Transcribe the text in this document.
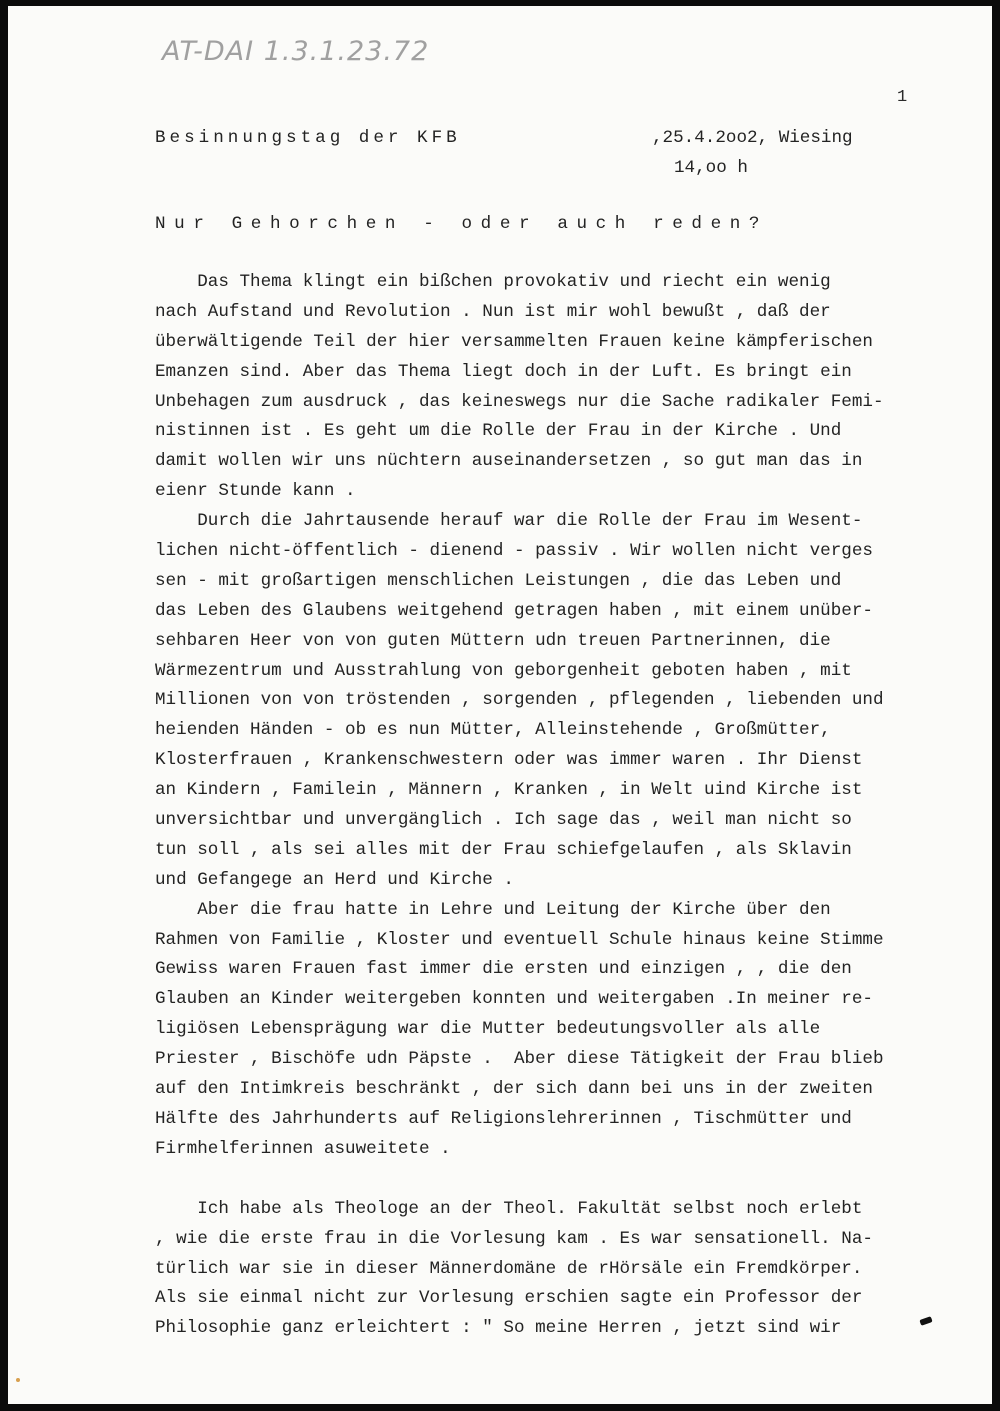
AT-DAI 1.3.1.23.72
1
Besinnungstag der KFB	,25.4.2oo2, Wiesing
14,oo h
Nur Gehorchen - oder auch reden?
Das Thema klingt ein bißchen provokativ und riecht ein wenig
nach Aufstand und Revolution . Nun ist mir wohl bewußt , daß der
überwältigende Teil der hier versammelten Frauen keine kämpferischen
Emanzen sind. Aber das Thema liegt doch in der Luft. Es bringt ein
Unbehagen zum ausdruck , das keineswegs nur die Sache radikaler Femi-
nistinnen ist . Es geht um die Rolle der Frau in der Kirche . Und
damit wollen wir uns nüchtern auseinandersetzen , so gut man das in
eienr Stunde kann .
Durch die Jahrtausende herauf war die Rolle der Frau im Wesent-
lichen nicht-öffentlich - dienend - passiv . Wir wollen nicht verges
sen - mit großartigen menschlichen Leistungen , die das Leben und
das Leben des Glaubens weitgehend getragen haben , mit einem unüber-
sehbaren Heer von von guten Müttern udn treuen Partnerinnen, die
Wärmezentrum und Ausstrahlung von geborgenheit geboten haben , mit
Millionen von von tröstenden , sorgenden , pflegenden , liebenden und
heienden Händen - ob es nun Mütter, Alleinstehende , Großmütter,
Klosterfrauen , Krankenschwestern oder was immer waren . Ihr Dienst
an Kindern , Familein , Männern , Kranken , in Welt uind Kirche ist
unversichtbar und unvergänglich . Ich sage das , weil man nicht so
tun soll , als sei alles mit der Frau schiefgelaufen , als Sklavin
und Gefangege an Herd und Kirche .
Aber die frau hatte in Lehre und Leitung der Kirche über den
Rahmen von Familie , Kloster und eventuell Schule hinaus keine Stimme
Gewiss waren Frauen fast immer die ersten und einzigen , , die den
Glauben an Kinder weitergeben konnten und weitergaben .In meiner re-
ligiösen Lebensprägung war die Mutter bedeutungsvoller als alle
Priester , Bischöfe udn Päpste .  Aber diese Tätigkeit der Frau blieb
auf den Intimkreis beschränkt , der sich dann bei uns in der zweiten
Hälfte des Jahrhunderts auf Religionslehrerinnen , Tischmütter und
Firmhelferinnen asuweitete .
Ich habe als Theologe an der Theol. Fakultät selbst noch erlebt
, wie die erste frau in die Vorlesung kam . Es war sensationell. Na-
türlich war sie in dieser Männerdomäne de rHörsäle ein Fremdkörper.
Als sie einmal nicht zur Vorlesung erschien sagte ein Professor der
Philosophie ganz erleichtert : " So meine Herren , jetzt sind wir
